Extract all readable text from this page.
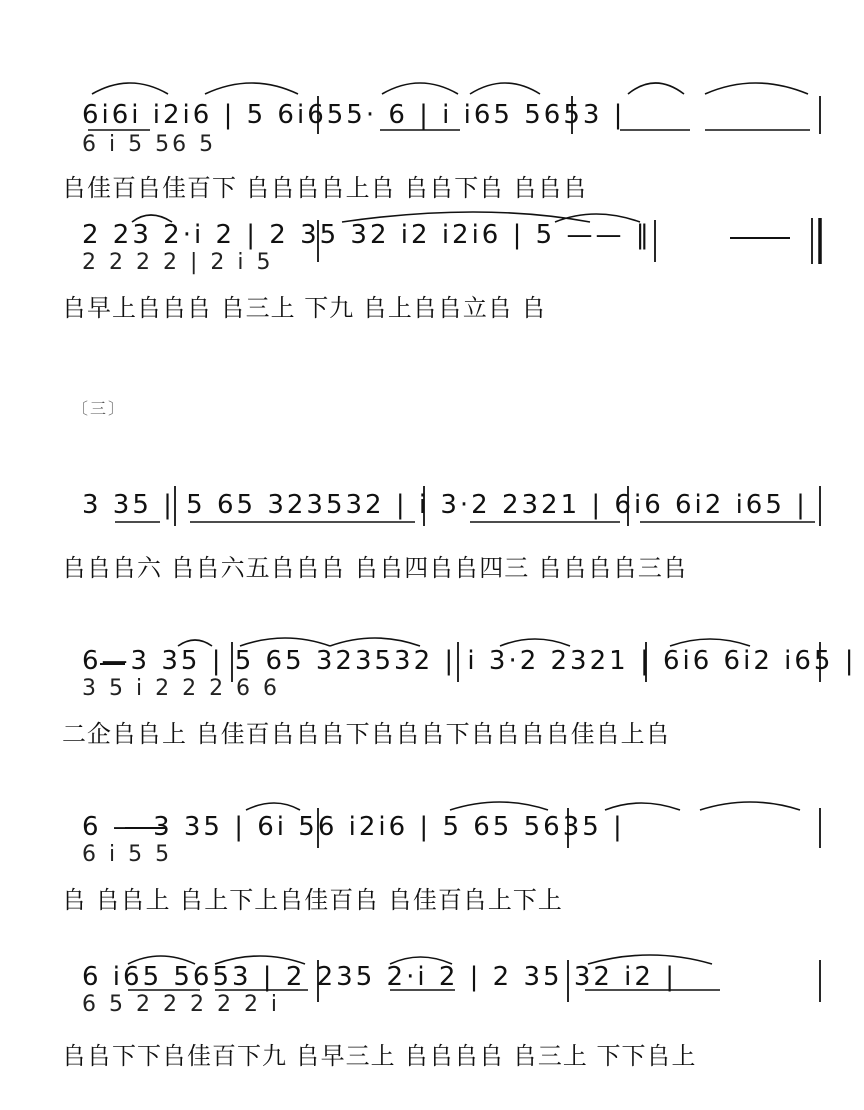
6i6i i2i6 | 5 6i655· 6 | i i65 5653 |
6 i 5 56 5
𠂤佳百𠂤佳百下 𠂤𠂤𠂤𠂤上𠂤 𠂤𠂤下𠂤 𠂤𠂤𠂤
2 23 2·i 2 | 2 35 32 i2 i2i6 | 5 —— ‖
2 2 2 2 | 2 i 5
𠂤早上𠂤𠂤𠂤 𠂤三上 下九 𠂤上𠂤𠂤立𠂤 𠂤
〔三〕
3 35 | 5 65 323532 | i 3·2 2321 | 6i6 6i2 i65 |
𠂤𠂤𠂤六 𠂤𠂤六五𠂤𠂤𠂤 𠂤𠂤四𠂤𠂤四三 𠂤𠂤𠂤𠂤三𠂤
6—3 35 | 5 65 323532 | i 3·2 2321 | 6i6 6i2 i65 |
3 5 i 2 2 2 6 6
二企𠂤𠂤上 𠂤佳百𠂤𠂤𠂤下𠂤𠂤𠂤下𠂤𠂤𠂤𠂤佳𠂤上𠂤
6 — 3 35 | 6i 56 i2i6 | 5 65 5635 |
6 i 5 5
𠂤 𠂤𠂤上 𠂤上下上𠂤佳百𠂤 𠂤佳百𠂤上下上
6 i65 5653 | 2 235 2·i 2 | 2 35 32 i2 |
6 5 2 2 2 2 2 i
𠂤𠂤下下𠂤佳百下九 𠂤早三上 𠂤𠂤𠂤𠂤 𠂤三上 下下𠂤上
